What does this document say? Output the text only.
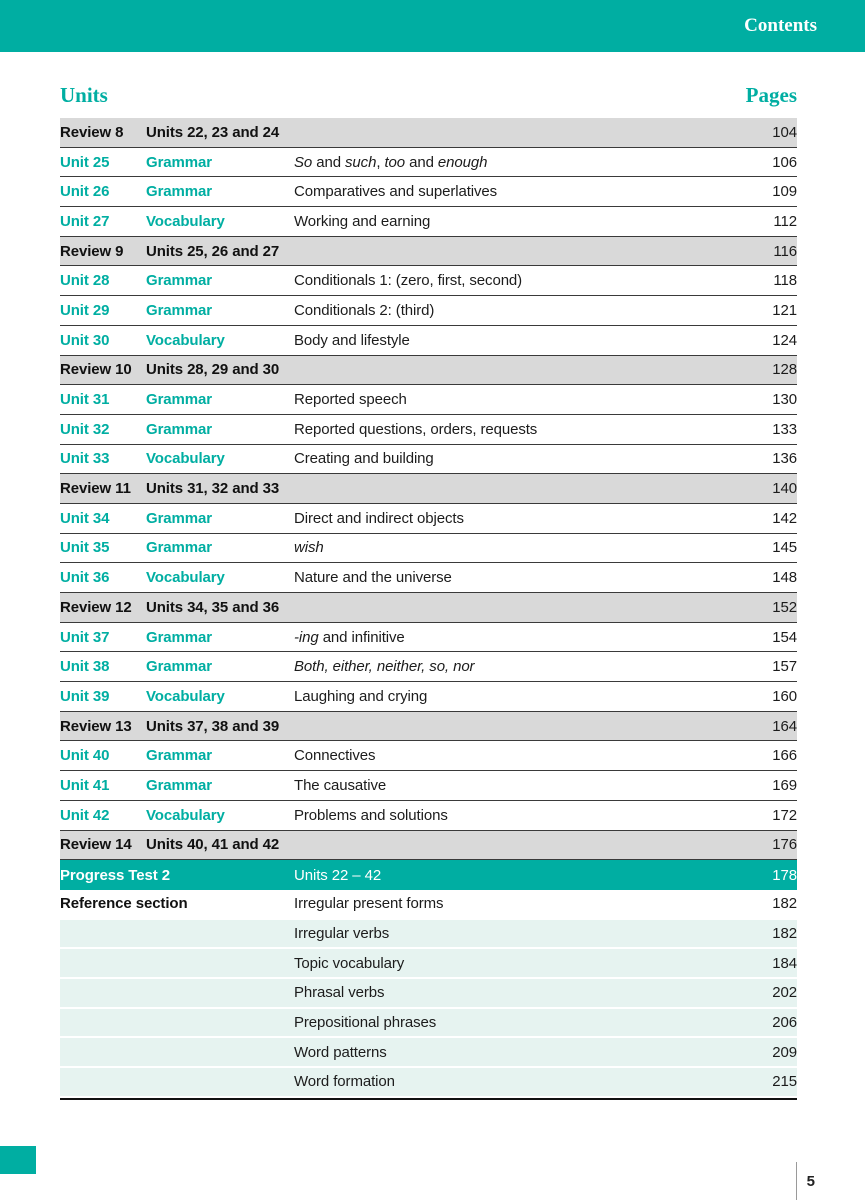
Contents
Units	Pages
Review 8	Units 22, 23 and 24	104
Unit 25	Grammar	So and such, too and enough	106
Unit 26	Grammar	Comparatives and superlatives	109
Unit 27	Vocabulary	Working and earning	112
Review 9	Units 25, 26 and 27	116
Unit 28	Grammar	Conditionals 1: (zero, first, second)	118
Unit 29	Grammar	Conditionals 2: (third)	121
Unit 30	Vocabulary	Body and lifestyle	124
Review 10 Units 28, 29 and 30	128
Unit 31	Grammar	Reported speech	130
Unit 32	Grammar	Reported questions, orders, requests	133
Unit 33	Vocabulary	Creating and building	136
Review 11	Units 31, 32 and 33	140
Unit 34	Grammar	Direct and indirect objects	142
Unit 35	Grammar	wish	145
Unit 36	Vocabulary	Nature and the universe	148
Review 12 Units 34, 35 and 36	152
Unit 37	Grammar	-ing and infinitive	154
Unit 38	Grammar	Both, either, neither, so, nor	157
Unit 39	Vocabulary	Laughing and crying	160
Review 13 Units 37, 38 and 39	164
Unit 40	Grammar	Connectives	166
Unit 41	Grammar	The causative	169
Unit 42	Vocabulary	Problems and solutions	172
Review 14 Units 40, 41 and 42	176
Progress Test 2	Units 22 – 42	178
Reference section	Irregular present forms	182
Irregular verbs	182
Topic vocabulary	184
Phrasal verbs	202
Prepositional phrases	206
Word patterns	209
Word formation	215
5
